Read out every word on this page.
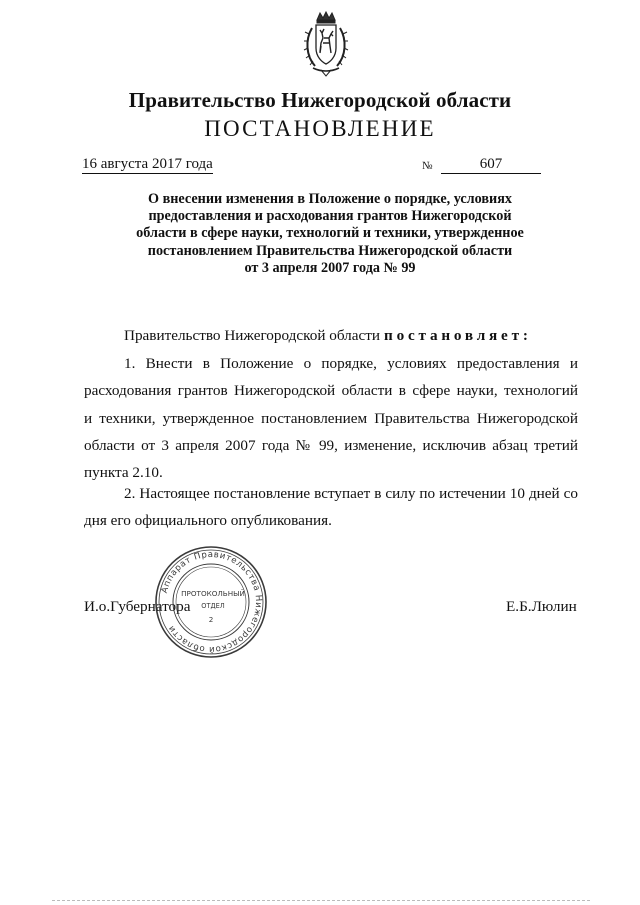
Правительство Нижегородской области
ПОСТАНОВЛЕНИЕ
16 августа 2017 года	№	607
О внесении изменения в Положение о порядке, условиях
предоставления и расходования грантов Нижегородской
области в сфере науки, технологий и техники, утвержденное
постановлением Правительства Нижегородской области
от 3 апреля 2007 года № 99
Правительство Нижегородской области постановляет:
1. Внести в Положение о порядке, условиях предоставления и
расходования грантов Нижегородской области в сфере науки, технологий
и техники, утвержденное постановлением Правительства Нижегородской
области от 3 апреля 2007 года № 99, изменение, исключив абзац третий
пункта 2.10.
2. Настоящее постановление вступает в силу по истечении 10 дней со
дня его официального опубликования.
И.о.Губернатора	Е.Б.Люлин
Аппарат Правительства Нижегородской области
ПРОТОКОЛЬНЫЙ
ОТДЕЛ
2
